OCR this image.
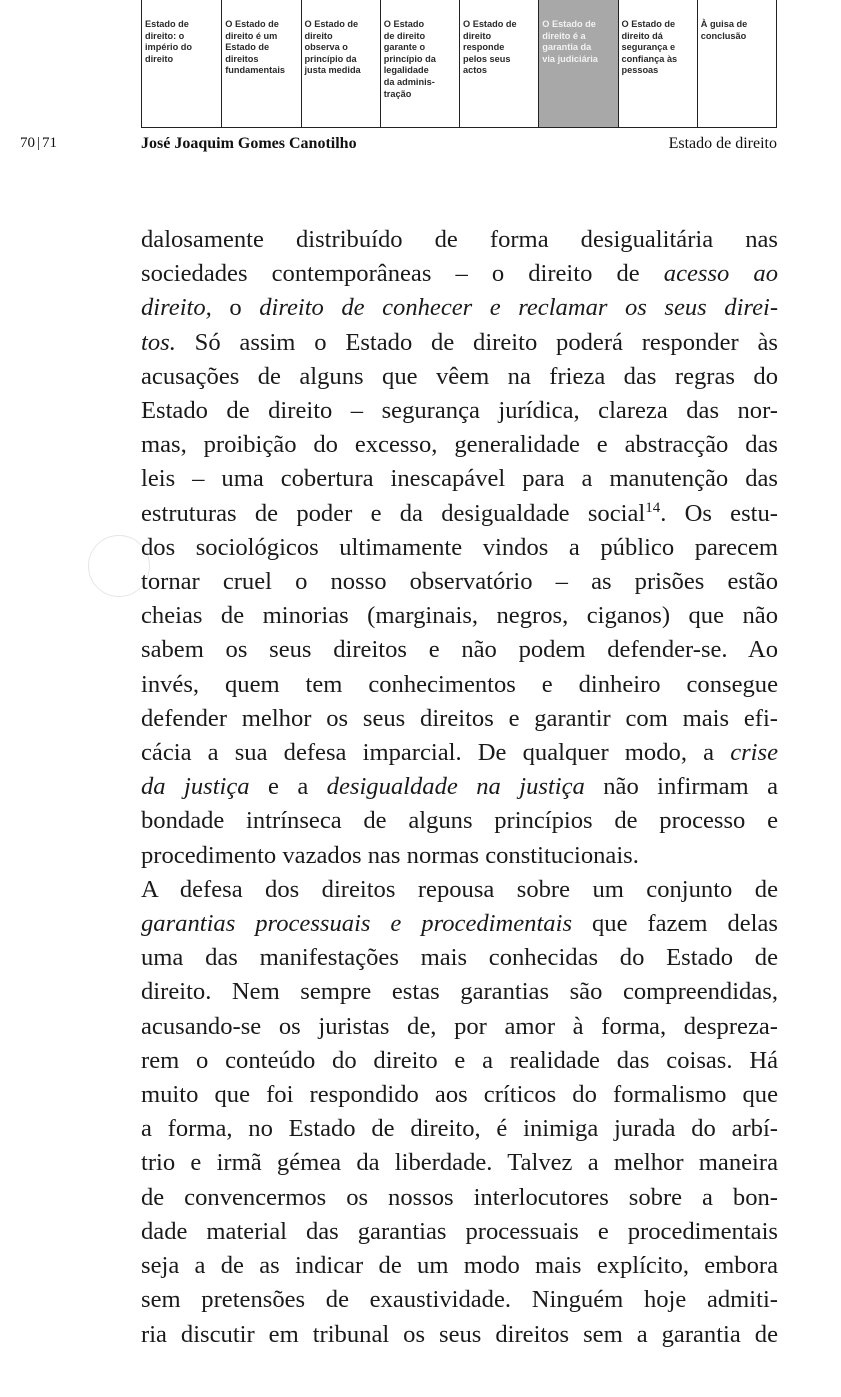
Estado de
direito: o
império do
direito
O Estado de
direito é um
Estado de
direitos
fundamentais
O Estado de
direito
observa o
princípio da
justa medida
O Estado
de direito
garante o
princípio da
legalidade
da adminis-
tração
O Estado de
direito
responde
pelos seus
actos
O Estado de
direito é a
garantia da
via judiciária
O Estado de
direito dá
segurança e
confiança às
pessoas
À guisa de
conclusão
70 | 71	José Joaquim Gomes Canotilho	Estado de direito
dalosamente distribuído de forma desigualitária nas
sociedades contemporâneas – o direito de acesso ao
direito, o direito de conhecer e reclamar os seus direi-
tos. Só assim o Estado de direito poderá responder às
acusações de alguns que vêem na frieza das regras do
Estado de direito – segurança jurídica, clareza das nor-
mas, proibição do excesso, generalidade e abstracção das
leis – uma cobertura inescapável para a manutenção das
estruturas de poder e da desigualdade social$^{14}$. Os estu-
dos sociológicos ultimamente vindos a público parecem
tornar cruel o nosso observatório – as prisões estão
cheias de minorias (marginais, negros, ciganos) que não
sabem os seus direitos e não podem defender-se. Ao
invés, quem tem conhecimentos e dinheiro consegue
defender melhor os seus direitos e garantir com mais efi-
cácia a sua defesa imparcial. De qualquer modo, a crise
da justiça e a desigualdade na justiça não infirmam a
bondade intrínseca de alguns princípios de processo e
procedimento vazados nas normas constitucionais.
A defesa dos direitos repousa sobre um conjunto de
garantias processuais e procedimentais que fazem delas
uma das manifestações mais conhecidas do Estado de
direito. Nem sempre estas garantias são compreendidas,
acusando-se os juristas de, por amor à forma, despreza-
rem o conteúdo do direito e a realidade das coisas. Há
muito que foi respondido aos críticos do formalismo que
a forma, no Estado de direito, é inimiga jurada do arbí-
trio e irmã gémea da liberdade. Talvez a melhor maneira
de convencermos os nossos interlocutores sobre a bon-
dade material das garantias processuais e procedimentais
seja a de as indicar de um modo mais explícito, embora
sem pretensões de exaustividade. Ninguém hoje admiti-
ria discutir em tribunal os seus direitos sem a garantia de
